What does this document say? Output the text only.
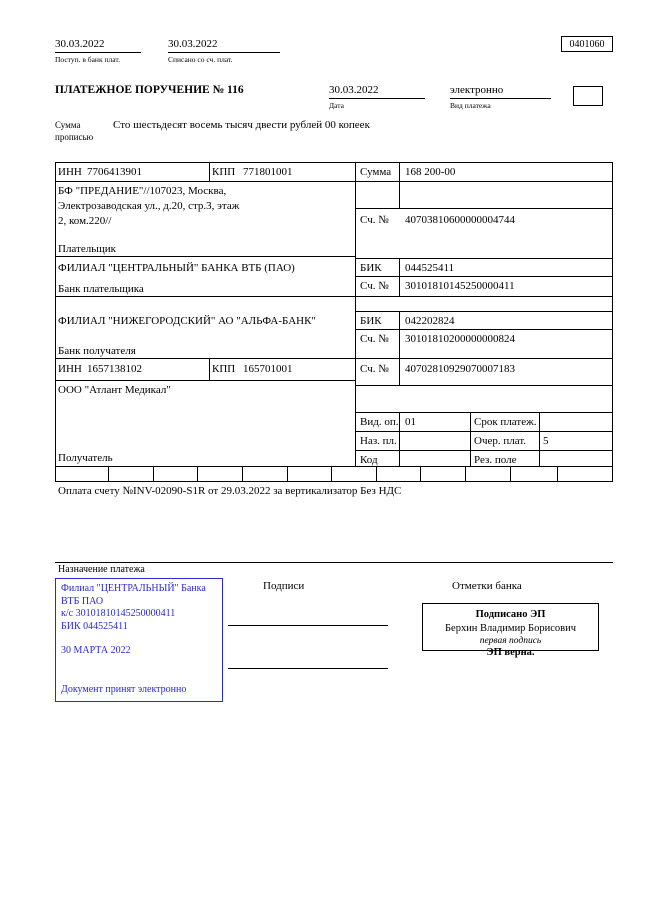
0401060
30.03.2022
Поступ. в банк плат.
30.03.2022
Списано со сч. плат.
ПЛАТЕЖНОЕ ПОРУЧЕНИЕ № 116	30.03.2022
Дата
электронно
Вид платежа
Сумма
прописью
Сто шестьдесят восемь тысяч двести рублей 00 копеек
ИНН 7706413901	КПП 771801001
БФ "ПРЕДАНИЕ"//107023, Москва,
Электрозаводская ул., д.20, стр.3, этаж
2, ком.220//
Плательщик
Сумма 168 200-00
Сч. № 40703810600000004744
ФИЛИАЛ "ЦЕНТРАЛЬНЫЙ" БАНКА ВТБ (ПАО)
Банк плательщика
БИК 044525411
Сч. № 30101810145250000411
ФИЛИАЛ "НИЖЕГОРОДСКИЙ" АО "АЛЬФА-БАНК"
Банк получателя
БИК 042202824
Сч. № 30101810200000000824
ИНН 1657138102	КПП 165701001
ООО "Атлант Медикал"
Получатель
Сч. № 40702810929070007183
Вид. оп. 01	Срок платеж.
Наз. пл.	Очер. плат. 5
Код	Рез. поле
Оплата счету №INV-02090-S1R от 29.03.2022 за вертикализатор Без НДС
Назначение платежа
Подписи	Отметки банка
Филиал "ЦЕНТРАЛЬНЫЙ" Банка
ВТБ ПАО
к/с 30101810145250000411
БИК 044525411
30 МАРТА 2022
Документ принят электронно
Подписано ЭП
Берхин Владимир Борисович
первая подпись
ЭП верна.
